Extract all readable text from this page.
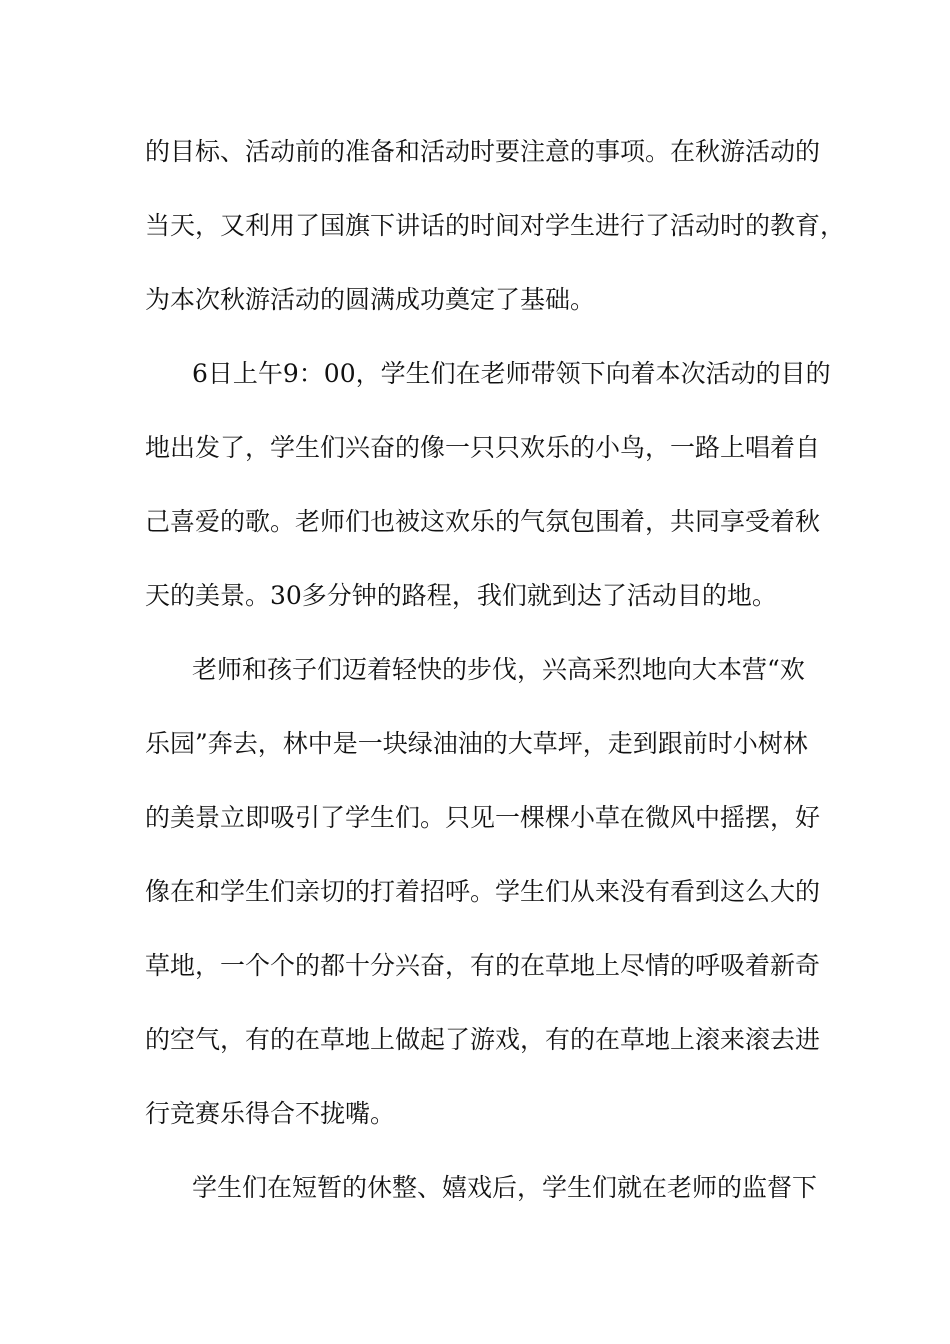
的目标、活动前的准备和活动时要注意的事项。在秋游活动的
当天，又利用了国旗下讲话的时间对学生进行了活动时的教育，
为本次秋游活动的圆满成功奠定了基础。
6日上午9：00，学生们在老师带领下向着本次活动的目的
地出发了，学生们兴奋的像一只只欢乐的小鸟，一路上唱着自
己喜爱的歌。老师们也被这欢乐的气氛包围着，共同享受着秋
天的美景。30多分钟的路程，我们就到达了活动目的地。
老师和孩子们迈着轻快的步伐，兴高采烈地向大本营“欢
乐园”奔去，林中是一块绿油油的大草坪，走到跟前时小树林
的美景立即吸引了学生们。只见一棵棵小草在微风中摇摆，好
像在和学生们亲切的打着招呼。学生们从来没有看到这么大的
草地，一个个的都十分兴奋，有的在草地上尽情的呼吸着新奇
的空气，有的在草地上做起了游戏，有的在草地上滚来滚去进
行竞赛乐得合不拢嘴。
学生们在短暂的休整、嬉戏后，学生们就在老师的监督下
